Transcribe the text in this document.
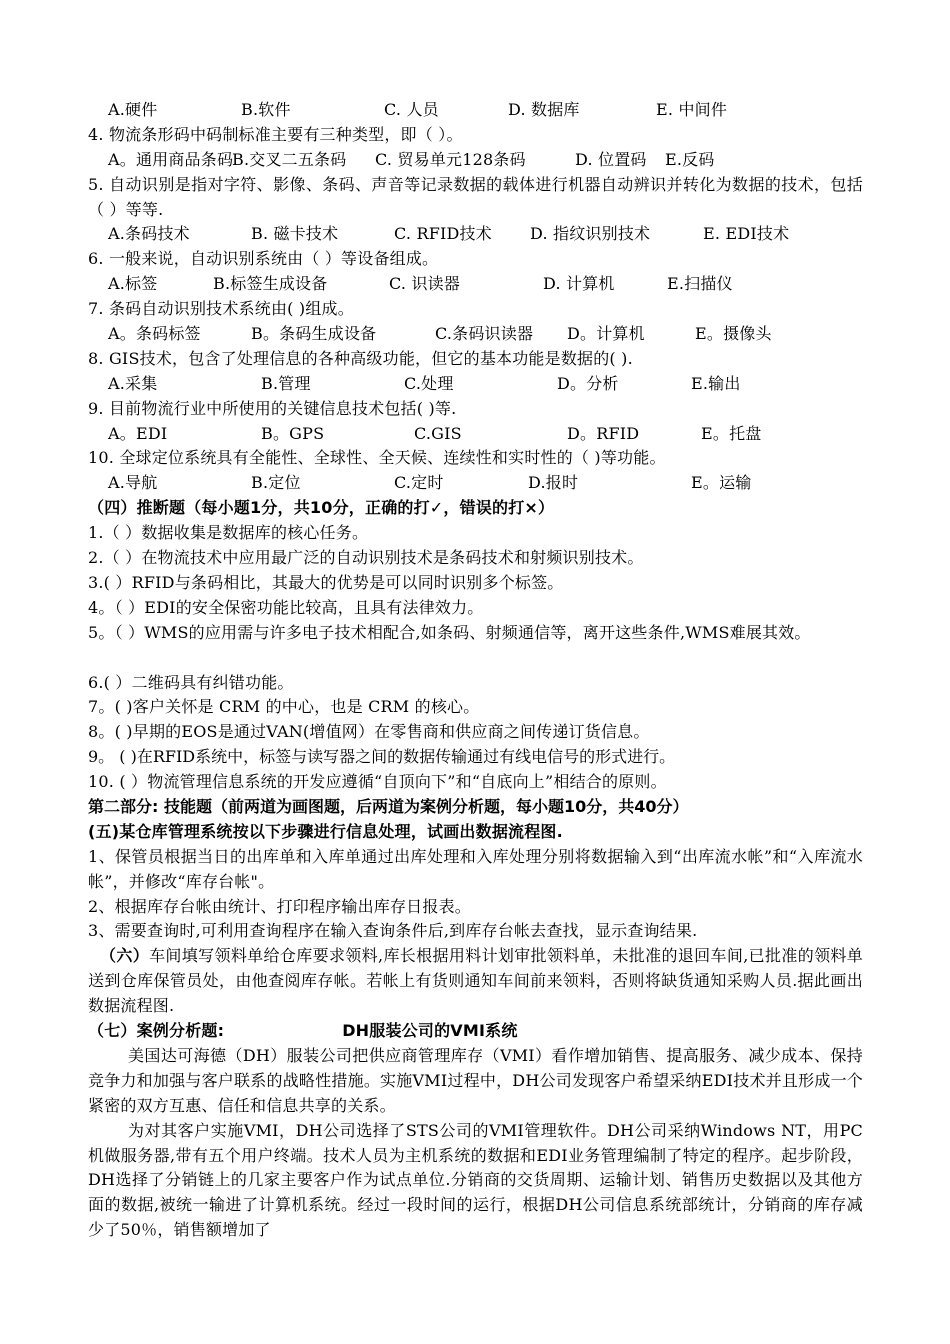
A.硬件	B.软件	C. 人员	D. 数据库	E. 中间件
4. 物流条形码中码制标准主要有三种类型，即（ ）。
A。通用商品条码
B.交叉二五条码	C. 贸易单元128条码	D. 位置码	E.反码
5. 自动识别是指对字符、影像、条码、声音等记录数据的载体进行机器自动辨识并转化为数据的技术，包括（ ）等等.
A.条码技术	B. 磁卡技术	C. RFID技术	D. 指纹识别技术	E. EDI技术
6. 一般来说，自动识别系统由（ ）等设备组成。
A.标签	B.标签生成设备	C. 识读器	D. 计算机	E.扫描仪
7. 条码自动识别技术系统由( )组成。
A。条码标签	B。条码生成设备	C.条码识读器	D。计算机	E。摄像头
8. GIS技术，包含了处理信息的各种高级功能，但它的基本功能是数据的( ).
A.采集	B.管理	C.处理	D。分析	E.输出
9. 目前物流行业中所使用的关键信息技术包括( )等.
A。EDI	B。GPS	C.GIS	D。RFID	E。托盘
10. 全球定位系统具有全能性、全球性、全天候、连续性和实时性的（ )等功能。
A.导航	B.定位	C.定时	D.报时	E。运输
（四）推断题（每小题1分，共10分，正确的打✓，错误的打×）
1.（ ）数据收集是数据库的核心任务。
2.（ ）在物流技术中应用最广泛的自动识别技术是条码技术和射频识别技术。
3.( ）RFID与条码相比，其最大的优势是可以同时识别多个标签。
4。（ ）EDI的安全保密功能比较高，且具有法律效力。
5。（ ）WMS的应用需与许多电子技术相配合,如条码、射频通信等，离开这些条件,WMS难展其效。
6.( ）二维码具有纠错功能。
7。( )客户关怀是 CRM 的中心，也是 CRM 的核心。
8。( )早期的EOS是通过VAN(增值网）在零售商和供应商之间传递订货信息。
9。 ( )在RFID系统中，标签与读写器之间的数据传输通过有线电信号的形式进行。
10. ( ）物流管理信息系统的开发应遵循“自顶向下”和“自底向上”相结合的原则。
第二部分: 技能题（前两道为画图题，后两道为案例分析题，每小题10分，共40分）
(五)某仓库管理系统按以下步骤进行信息处理，试画出数据流程图.
1、保管员根据当日的出库单和入库单通过出库处理和入库处理分别将数据输入到“出库流水帐”和“入库流水帐”，并修改“库存台帐"。
2、根据库存台帐由统计、打印程序输出库存日报表。
3、需要查询时,可利用查询程序在输入查询条件后,到库存台帐去查找，显示查询结果.
（六）车间填写领料单给仓库要求领料,库长根据用料计划审批领料单，未批准的退回车间,已批准的领料单送到仓库保管员处，由他查阅库存帐。若帐上有货则通知车间前来领料，否则将缺货通知采购人员.据此画出数据流程图.
（七）案例分析题:	DH服装公司的VMI系统
美国达可海德（DH）服装公司把供应商管理库存（VMI）看作增加销售、提高服务、减少成本、保持竞争力和加强与客户联系的战略性措施。实施VMI过程中，DH公司发现客户希望采纳EDI技术并且形成一个紧密的双方互惠、信任和信息共享的关系。
为对其客户实施VMI，DH公司选择了STS公司的VMI管理软件。DH公司采纳Windows NT，用PC机做服务器,带有五个用户终端。技术人员为主机系统的数据和EDI业务管理编制了特定的程序。起步阶段，DH选择了分销链上的几家主要客户作为试点单位.分销商的交货周期、运输计划、销售历史数据以及其他方面的数据,被统一输进了计算机系统。经过一段时间的运行，根据DH公司信息系统部统计，分销商的库存减少了50％，销售额增加了
